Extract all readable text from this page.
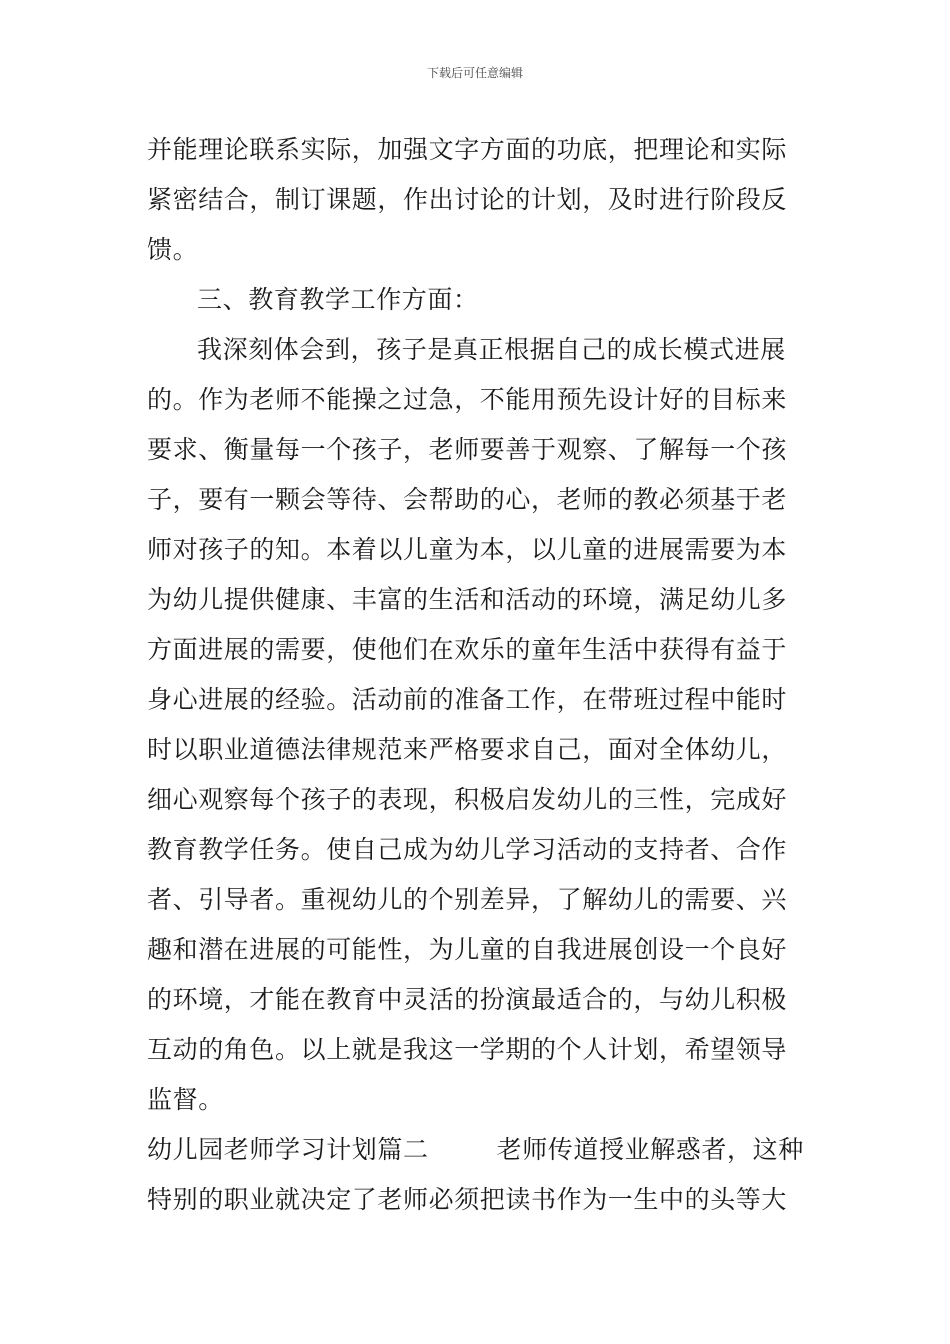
下载后可任意编辑
并能理论联系实际，加强文字方面的功底，把理论和实际
紧密结合，制订课题，作出讨论的计划，及时进行阶段反
馈。
三、教育教学工作方面：
我深刻体会到，孩子是真正根据自己的成长模式进展
的。作为老师不能操之过急，不能用预先设计好的目标来
要求、衡量每一个孩子，老师要善于观察、了解每一个孩
子，要有一颗会等待、会帮助的心，老师的教必须基于老
师对孩子的知。本着以儿童为本，以儿童的进展需要为本
为幼儿提供健康、丰富的生活和活动的环境，满足幼儿多
方面进展的需要，使他们在欢乐的童年生活中获得有益于
身心进展的经验。活动前的准备工作，在带班过程中能时
时以职业道德法律规范来严格要求自己，面对全体幼儿，
细心观察每个孩子的表现，积极启发幼儿的三性，完成好
教育教学任务。使自己成为幼儿学习活动的支持者、合作
者、引导者。重视幼儿的个别差异，了解幼儿的需要、兴
趣和潜在进展的可能性，为儿童的自我进展创设一个良好
的环境，才能在教育中灵活的扮演最适合的，与幼儿积极
互动的角色。以上就是我这一学期的个人计划，希望领导
监督。
幼儿园老师学习计划篇二	老师传道授业解惑者，这种
特别的职业就决定了老师必须把读书作为一生中的头等大
